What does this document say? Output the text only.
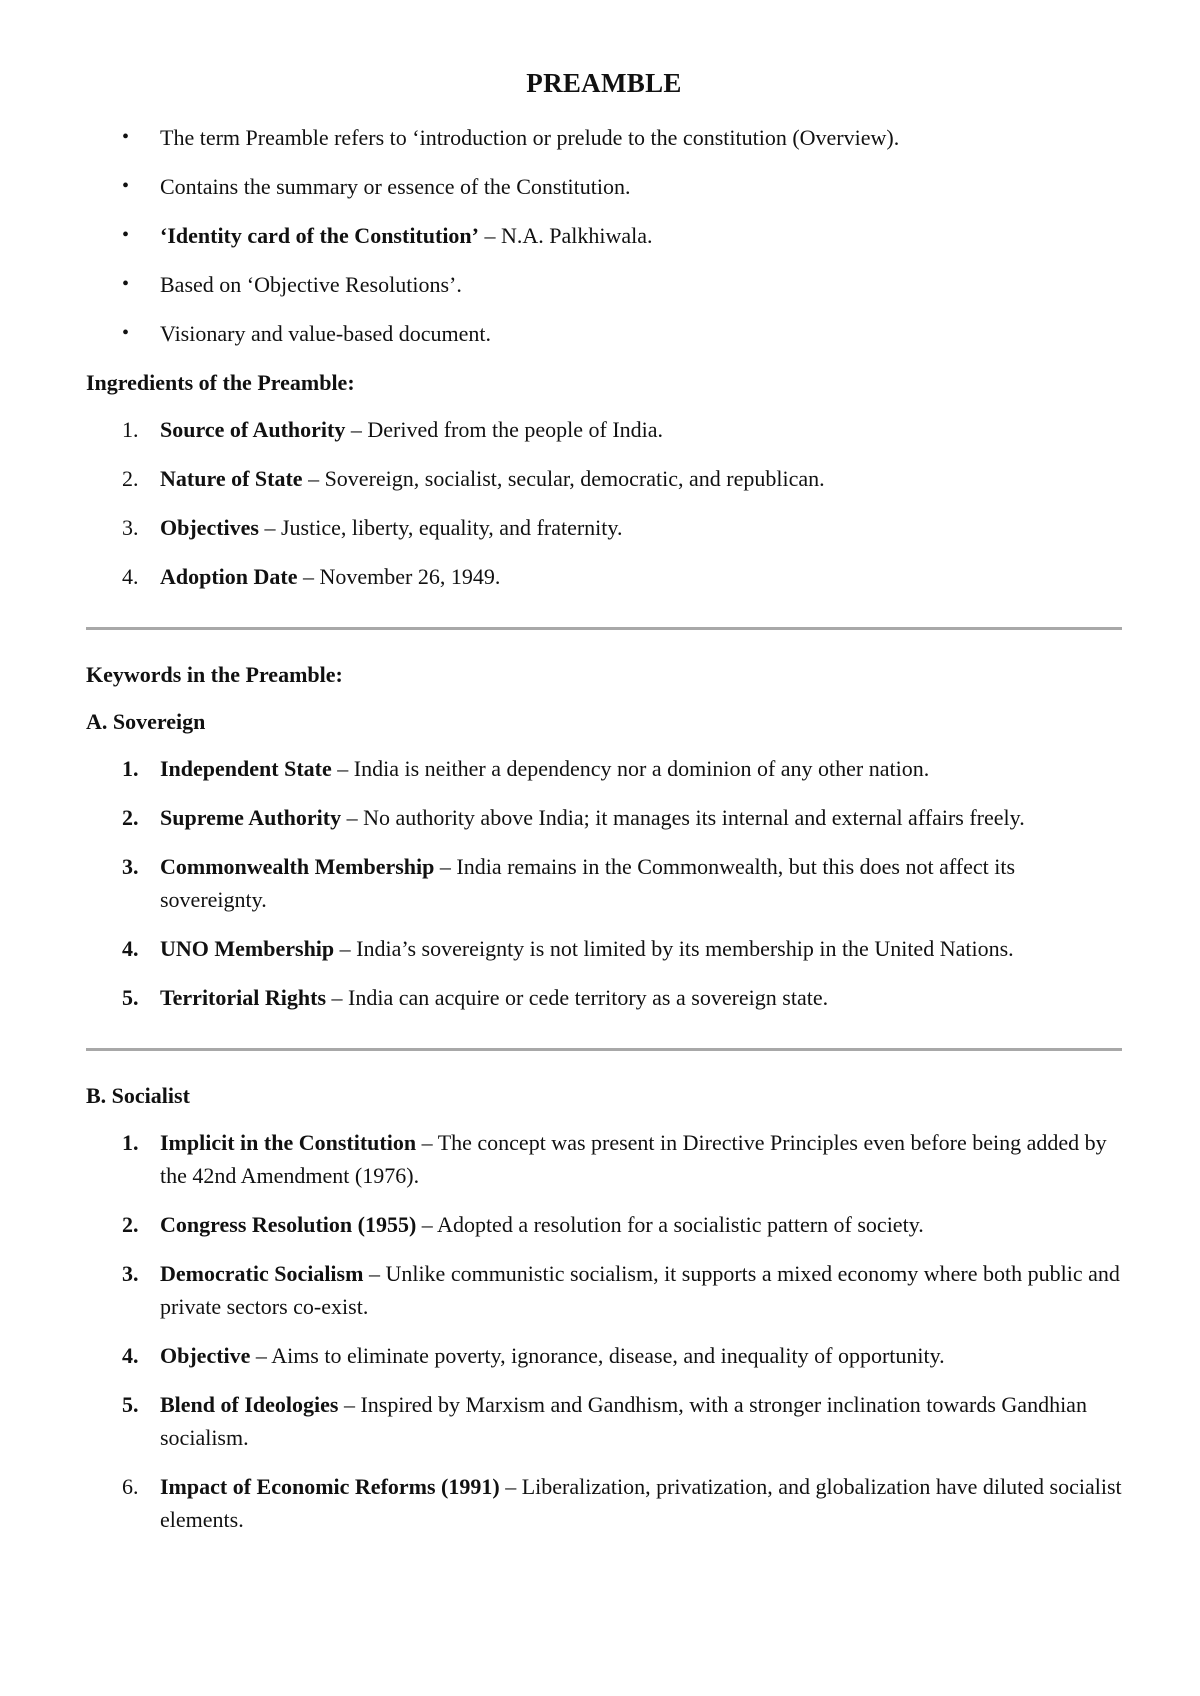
PREAMBLE
• The term Preamble refers to ‘introduction or prelude to the constitution (Overview).
• Contains the summary or essence of the Constitution.
• ‘Identity card of the Constitution’ – N.A. Palkhiwala.
• Based on ‘Objective Resolutions’.
• Visionary and value-based document.
Ingredients of the Preamble:
1. Source of Authority – Derived from the people of India.
2. Nature of State – Sovereign, socialist, secular, democratic, and republican.
3. Objectives – Justice, liberty, equality, and fraternity.
4. Adoption Date – November 26, 1949.
Keywords in the Preamble:
A. Sovereign
1. Independent State – India is neither a dependency nor a dominion of any other nation.
2. Supreme Authority – No authority above India; it manages its internal and external affairs freely.
3. Commonwealth Membership – India remains in the Commonwealth, but this does not affect its sovereignty.
4. UNO Membership – India’s sovereignty is not limited by its membership in the United Nations.
5. Territorial Rights – India can acquire or cede territory as a sovereign state.
B. Socialist
1. Implicit in the Constitution – The concept was present in Directive Principles even before being added by the 42nd Amendment (1976).
2. Congress Resolution (1955) – Adopted a resolution for a socialistic pattern of society.
3. Democratic Socialism – Unlike communistic socialism, it supports a mixed economy where both public and private sectors co-exist.
4. Objective – Aims to eliminate poverty, ignorance, disease, and inequality of opportunity.
5. Blend of Ideologies – Inspired by Marxism and Gandhism, with a stronger inclination towards Gandhian socialism.
6. Impact of Economic Reforms (1991) – Liberalization, privatization, and globalization have diluted socialist elements.
